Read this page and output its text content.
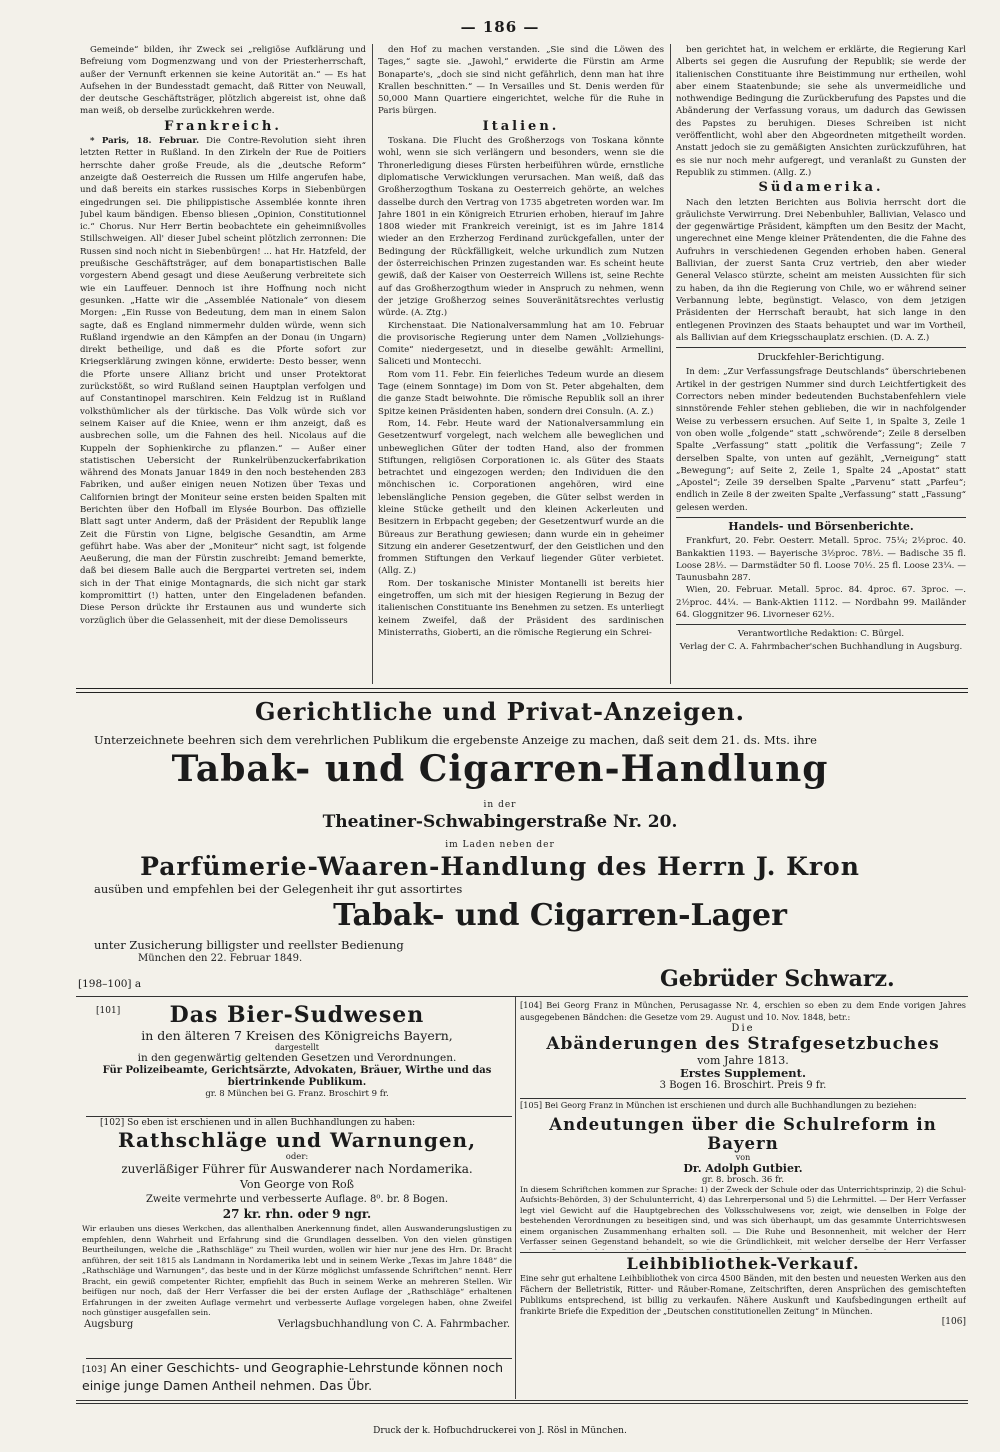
— 186 —

Gemeinde“ bilden, ihr Zweck sei „religiöse Aufklärung und Befreiung vom Dogmenzwang und von der Priesterherrschaft, außer der Vernunft erkennen sie keine Autorität an.“ — Es hat Aufsehen in der Bundesstadt gemacht, daß Ritter von Neuwall, der deutsche Geschäftsträger, plötzlich abgereist ist, ohne daß man weiß, ob derselbe zurückkehren werde.

Frankreich.

* Paris, 18. Februar. Die Contre-Revolution sieht ihren letzten Retter in Rußland. In den Zirkeln der Rue de Poitiers herrschte daher große Freude, als die „deutsche Reform“ anzeigte daß Oesterreich die Russen um Hilfe angerufen habe, und daß bereits ein starkes russisches Korps in Siebenbürgen eingedrungen sei. Die philippistische Assemblée konnte ihren Jubel kaum bändigen. Ebenso bliesen „Opinion, Constitutionnel ic.“ Chorus. Nur Herr Bertin beobachtete ein geheimnißvolles Stillschweigen. All' dieser Jubel scheint plötzlich zerronnen: Die Russen sind noch nicht in Siebenbürgen! ... hat Hr. Hatzfeld, der preußische Geschäftsträger, auf dem bonapartistischen Balle vorgestern Abend gesagt und diese Aeußerung verbreitete sich wie ein Lauffeuer. Dennoch ist ihre Hoffnung noch nicht gesunken. „Hatte wir die „Assemblée Nationale“ von diesem Morgen: „Ein Russe von Bedeutung, dem man in einem Salon sagte, daß es England nimmermehr dulden würde, wenn sich Rußland irgendwie an den Kämpfen an der Donau (in Ungarn) direkt betheilige, und daß es die Pforte sofort zur Kriegserklärung zwingen könne, erwiderte: Desto besser, wenn die Pforte unsere Allianz bricht und unser Protektorat zurückstößt, so wird Rußland seinen Hauptplan verfolgen und auf Constantinopel marschiren. Kein Feldzug ist in Rußland volksthümlicher als der türkische. Das Volk würde sich vor seinem Kaiser auf die Kniee, wenn er ihm anzeigt, daß es ausbrechen solle, um die Fahnen des heil. Nicolaus auf die Kuppeln der Sophienkirche zu pflanzen.“ — Außer einer statistischen Uebersicht der Runkelrübenzuckerfabrikation während des Monats Januar 1849 in den noch bestehenden 283 Fabriken, und außer einigen neuen Notizen über Texas und Californien bringt der Moniteur seine ersten beiden Spalten mit Berichten über den Hofball im Elysée Bourbon. Das offizielle Blatt sagt unter Anderm, daß der Präsident der Republik lange Zeit die Fürstin von Ligne, belgische Gesandtin, am Arme geführt habe. Was aber der „Moniteur“ nicht sagt, ist folgende Aeußerung, die man der Fürstin zuschreibt: Jemand bemerkte, daß bei diesem Balle auch die Bergpartei vertreten sei, indem sich in der That einige Montagnards, die sich nicht gar stark kompromittirt (!) hatten, unter den Eingeladenen befanden. Diese Person drückte ihr Erstaunen aus und wunderte sich vorzüglich über die Gelassenheit, mit der diese Demolisseurs

den Hof zu machen verstanden. „Sie sind die Löwen des Tages,“ sagte sie. „Jawohl,“ erwiderte die Fürstin am Arme Bonaparte's, „doch sie sind nicht gefährlich, denn man hat ihre Krallen beschnitten.“ — In Versailles und St. Denis werden für 50,000 Mann Quartiere eingerichtet, welche für die Ruhe in Paris bürgen.

Italien.

Toskana. Die Flucht des Großherzogs von Toskana könnte wohl, wenn sie sich verlängern und besonders, wenn sie die Thronerledigung dieses Fürsten herbeiführen würde, ernstliche diplomatische Verwicklungen verursachen. Man weiß, daß das Großherzogthum Toskana zu Oesterreich gehörte, an welches dasselbe durch den Vertrag von 1735 abgetreten worden war. Im Jahre 1801 in ein Königreich Etrurien erhoben, hierauf im Jahre 1808 wieder mit Frankreich vereinigt, ist es im Jahre 1814 wieder an den Erzherzog Ferdinand zurückgefallen, unter der Bedingung der Rückfälligkeit, welche urkundlich zum Nutzen der österreichischen Prinzen zugestanden war. Es scheint heute gewiß, daß der Kaiser von Oesterreich Willens ist, seine Rechte auf das Großherzogthum wieder in Anspruch zu nehmen, wenn der jetzige Großherzog seines Souveränitätsrechtes verlustig würde. (A. Ztg.)

Kirchenstaat. Die Nationalversammlung hat am 10. Februar die provisorische Regierung unter dem Namen „Vollziehungs-Comite“ niedergesetzt, und in dieselbe gewählt: Armellini, Saliceti und Montecchi.

Rom vom 11. Febr. Ein feierliches Tedeum wurde an diesem Tage (einem Sonntage) im Dom von St. Peter abgehalten, dem die ganze Stadt beiwohnte. Die römische Republik soll an ihrer Spitze keinen Präsidenten haben, sondern drei Consuln. (A. Z.)

Rom, 14. Febr. Heute ward der Nationalversammlung ein Gesetzentwurf vorgelegt, nach welchem alle beweglichen und unbeweglichen Güter der todten Hand, also der frommen Stiftungen, religiösen Corporationen ic. als Güter des Staats betrachtet und eingezogen werden; den Individuen die den mönchischen ic. Corporationen angehören, wird eine lebenslängliche Pension gegeben, die Güter selbst werden in kleine Stücke getheilt und den kleinen Ackerleuten und Besitzern in Erbpacht gegeben; der Gesetzentwurf wurde an die Büreaus zur Berathung gewiesen; dann wurde ein in geheimer Sitzung ein anderer Gesetzentwurf, der den Geistlichen und den frommen Stiftungen den Verkauf liegender Güter verbietet. (Allg. Z.)

Rom. Der toskanische Minister Montanelli ist bereits hier eingetroffen, um sich mit der hiesigen Regierung in Bezug der italienischen Constituante ins Benehmen zu setzen. Es unterliegt keinem Zweifel, daß der Präsident des sardinischen Ministerraths, Gioberti, an die römische Regierung ein Schrei-

ben gerichtet hat, in welchem er erklärte, die Regierung Karl Alberts sei gegen die Ausrufung der Republik; sie werde der italienischen Constituante ihre Beistimmung nur ertheilen, wohl aber einem Staatenbunde; sie sehe als unvermeidliche und nothwendige Bedingung die Zurückberufung des Papstes und die Abänderung der Verfassung voraus, um dadurch das Gewissen des Papstes zu beruhigen. Dieses Schreiben ist nicht veröffentlicht, wohl aber den Abgeordneten mitgetheilt worden. Anstatt jedoch sie zu gemäßigten Ansichten zurückzuführen, hat es sie nur noch mehr aufgeregt, und veranlaßt zu Gunsten der Republik zu stimmen. (Allg. Z.)

Südamerika.

Nach den letzten Berichten aus Bolivia herrscht dort die gräulichste Verwirrung. Drei Nebenbuhler, Ballivian, Velasco und der gegenwärtige Präsident, kämpften um den Besitz der Macht, ungerechnet eine Menge kleiner Prätendenten, die die Fahne des Aufruhrs in verschiedenen Gegenden erhoben haben. General Ballivian, der zuerst Santa Cruz vertrieb, den aber wieder General Velasco stürzte, scheint am meisten Aussichten für sich zu haben, da ihn die Regierung von Chile, wo er während seiner Verbannung lebte, begünstigt. Velasco, von dem jetzigen Präsidenten der Herrschaft beraubt, hat sich lange in den entlegenen Provinzen des Staats behauptet und war im Vortheil, als Ballivian auf dem Kriegsschauplatz erschien. (D. A. Z.)

Druckfehler-Berichtigung.

In dem: „Zur Verfassungsfrage Deutschlands“ überschriebenen Artikel in der gestrigen Nummer sind durch Leichtfertigkeit des Correctors neben minder bedeutenden Buchstabenfehlern viele sinnstörende Fehler stehen geblieben, die wir in nachfolgender Weise zu verbessern ersuchen. Auf Seite 1, in Spalte 3, Zeile 1 von oben wolle „folgende“ statt „schwörende“; Zeile 8 derselben Spalte „Verfassung“ statt „politik die Verfassung“; Zeile 7 derselben Spalte, von unten auf gezählt, „Verneigung“ statt „Bewegung“; auf Seite 2, Zeile 1, Spalte 24 „Apostat“ statt „Apostel“; Zeile 39 derselben Spalte „Parvenu“ statt „Parfeu“; endlich in Zeile 8 der zweiten Spalte „Verfassung“ statt „Fassung“ gelesen werden.

Handels- und Börsenberichte.

Frankfurt, 20. Febr. Oesterr. Metall. 5proc. 75¼; 2½proc. 40. Bankaktien 1193. — Bayerische 3½proc. 78½. — Badische 35 fl. Loose 28½. — Darmstädter 50 fl. Loose 70½. 25 fl. Loose 23¼. — Taunusbahn 287.

Wien, 20. Februar. Metall. 5proc. 84. 4proc. 67. 3proc. —. 2½proc. 44¼. — Bank-Aktien 1112. — Nordbahn 99. Mailänder 64. Gloggnitzer 96. Livorneser 62½.

Verantwortliche Redaktion: C. Bürgel.

Verlag der C. A. Fahrmbacher'schen Buchhandlung in Augsburg.

Gerichtliche und Privat-Anzeigen.
Unterzeichnete beehren sich dem verehrlichen Publikum die ergebenste Anzeige zu machen, daß seit dem 21. ds. Mts. ihre
Tabak- und Cigarren-Handlung
in der
Theatiner-Schwabingerstraße Nr. 20.
im Laden neben der
Parfümerie-Waaren-Handlung des Herrn J. Kron
ausüben und empfehlen bei der Gelegenheit ihr gut assortirtes
Tabak- und Cigarren-Lager
unter Zusicherung billigster und reellster Bedienung
München den 22. Februar 1849.
[198–100] a	Gebrüder Schwarz.
[101]	Das Bier-Sudwesen
in den älteren 7 Kreisen des Königreichs Bayern,
dargestellt
in den gegenwärtig geltenden Gesetzen und Verordnungen.
Für Polizeibeamte, Gerichtsärzte, Advokaten, Bräuer, Wirthe und das biertrinkende Publikum.
gr. 8 München bei G. Franz. Broschirt 9 fr.
[102] So eben ist erschienen und in allen Buchhandlungen zu haben:
Rathschläge und Warnungen,
oder:
zuverläßiger Führer für Auswanderer nach Nordamerika.
Von George von Roß
Zweite vermehrte und verbesserte Auflage. 8⁰. br. 8 Bogen.
27 kr. rhn. oder 9 ngr.
Wir erlauben uns dieses Werkchen, das allenthalben Anerkennung findet, allen Auswanderungslustigen zu empfehlen, denn Wahrheit und Erfahrung sind die Grundlagen desselben. Von den vielen günstigen Beurtheilungen, welche die „Rathschläge“ zu Theil wurden, wollen wir hier nur jene des Hrn. Dr. Bracht anführen, der seit 1815 als Landmann in Nordamerika lebt und in seinem Werke „Texas im Jahre 1848“ die „Rathschläge und Warnungen“, das beste und in der Kürze möglichst umfassende Schriftchen“ nennt. Herr Bracht, ein gewiß competenter Richter, empfiehlt das Buch in seinem Werke an mehreren Stellen. Wir beifügen nur noch, daß der Herr Verfasser die bei der ersten Auflage der „Rathschläge“ erhaltenen Erfahrungen in der zweiten Auflage vermehrt und verbesserte Auflage vorgelegen haben, ohne Zweifel noch günstiger ausgefallen sein.
Augsburg	Verlagsbuchhandlung von C. A. Fahrmbacher.
[103] An einer Geschichts- und Geographie-Lehrstunde können noch einige junge Damen Antheil nehmen. Das Übr.
[104] Bei Georg Franz in München, Perusagasse Nr. 4, erschien so eben zu dem Ende vorigen Jahres ausgegebenen Bändchen: die Gesetze vom 29. August und 10. Nov. 1848, betr.:
Die
Abänderungen des Strafgesetzbuches
vom Jahre 1813.
Erstes Supplement.
3 Bogen 16. Broschirt. Preis 9 fr.
[105] Bei Georg Franz in München ist erschienen und durch alle Buchhandlungen zu beziehen:
Andeutungen über die Schulreform in Bayern
von
Dr. Adolph Gutbier.
gr. 8. brosch. 36 fr.
In diesem Schriftchen kommen zur Sprache: 1) der Zweck der Schule oder das Unterrichtsprinzip, 2) die Schul-Aufsichts-Behörden, 3) der Schulunterricht, 4) das Lehrerpersonal und 5) die Lehrmittel. — Der Herr Verfasser legt viel Gewicht auf die Hauptgebrechen des Volksschulwesens vor, zeigt, wie denselben in Folge der bestehenden Verordnungen zu beseitigen sind, und was sich überhaupt, um das gesammte Unterrichtswesen einem organischen Zusammenhang erhalten soll. — Die Ruhe und Besonnenheit, mit welcher der Herr Verfasser seinen Gegenstand behandelt, so wie die Gründlichkeit, mit welcher derselbe der Herr Verfasser
Leihbibliothek-Verkauf.
Eine sehr gut erhaltene Leihbibliothek von circa 4500 Bänden, mit den besten und neuesten Werken aus den Fächern der Belletristik, Ritter- und Räuber-Romane, Zeitschriften, deren Ansprüchen des gemischteften Publikums entsprechend, ist billig zu verkaufen. Nähere Auskunft und Kaufsbedingungen ertheilt auf frankirte Briefe die Expedition der „Deutschen constitutionellen Zeitung“ in München.
[106]
Druck der k. Hofbuchdruckerei von J. Rösl in München.
